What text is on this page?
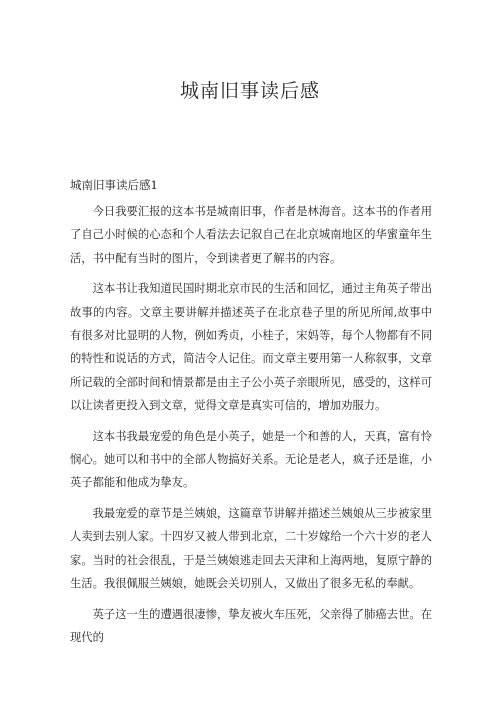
城南旧事读后感
城南旧事读后感1

今日我要汇报的这本书是城南旧事，作者是林海音。这本书的作者用了自己小时候的心态和个人看法去记叙自己在北京城南地区的华蜜童年生活，书中配有当时的图片，令到读者更了解书的内容。

这本书让我知道民国时期北京市民的生活和回忆，通过主角英子带出故事的内容。文章主要讲解并描述英子在北京巷子里的所见所闻,故事中有很多对比显明的人物，例如秀贞，小桂子，宋妈等，每个人物都有不同的特性和说话的方式，简洁令人记住。而文章主要用第一人称叙事，文章所记载的全部时间和情景都是由主子公小英子亲眼所见，感受的，这样可以让读者更投入到文章，觉得文章是真实可信的，增加劝服力。

这本书我最宠爱的角色是小英子，她是一个和善的人，天真，富有怜悯心。她可以和书中的全部人物搞好关系。无论是老人，疯子还是谁，小英子都能和他成为挚友。

我最宠爱的章节是兰姨娘，这篇章节讲解并描述兰姨娘从三步被家里人卖到去别人家。十四岁又被人带到北京，二十岁嫁给一个六十岁的老人家。当时的社会很乱，于是兰姨娘逃走回去天津和上海两地，复原宁静的生活。我很佩服兰姨娘，她既会关切别人，又做出了很多无私的奉献。

英子这一生的遭遇很凄惨，挚友被火车压死，父亲得了肺癌去世。在现代的
